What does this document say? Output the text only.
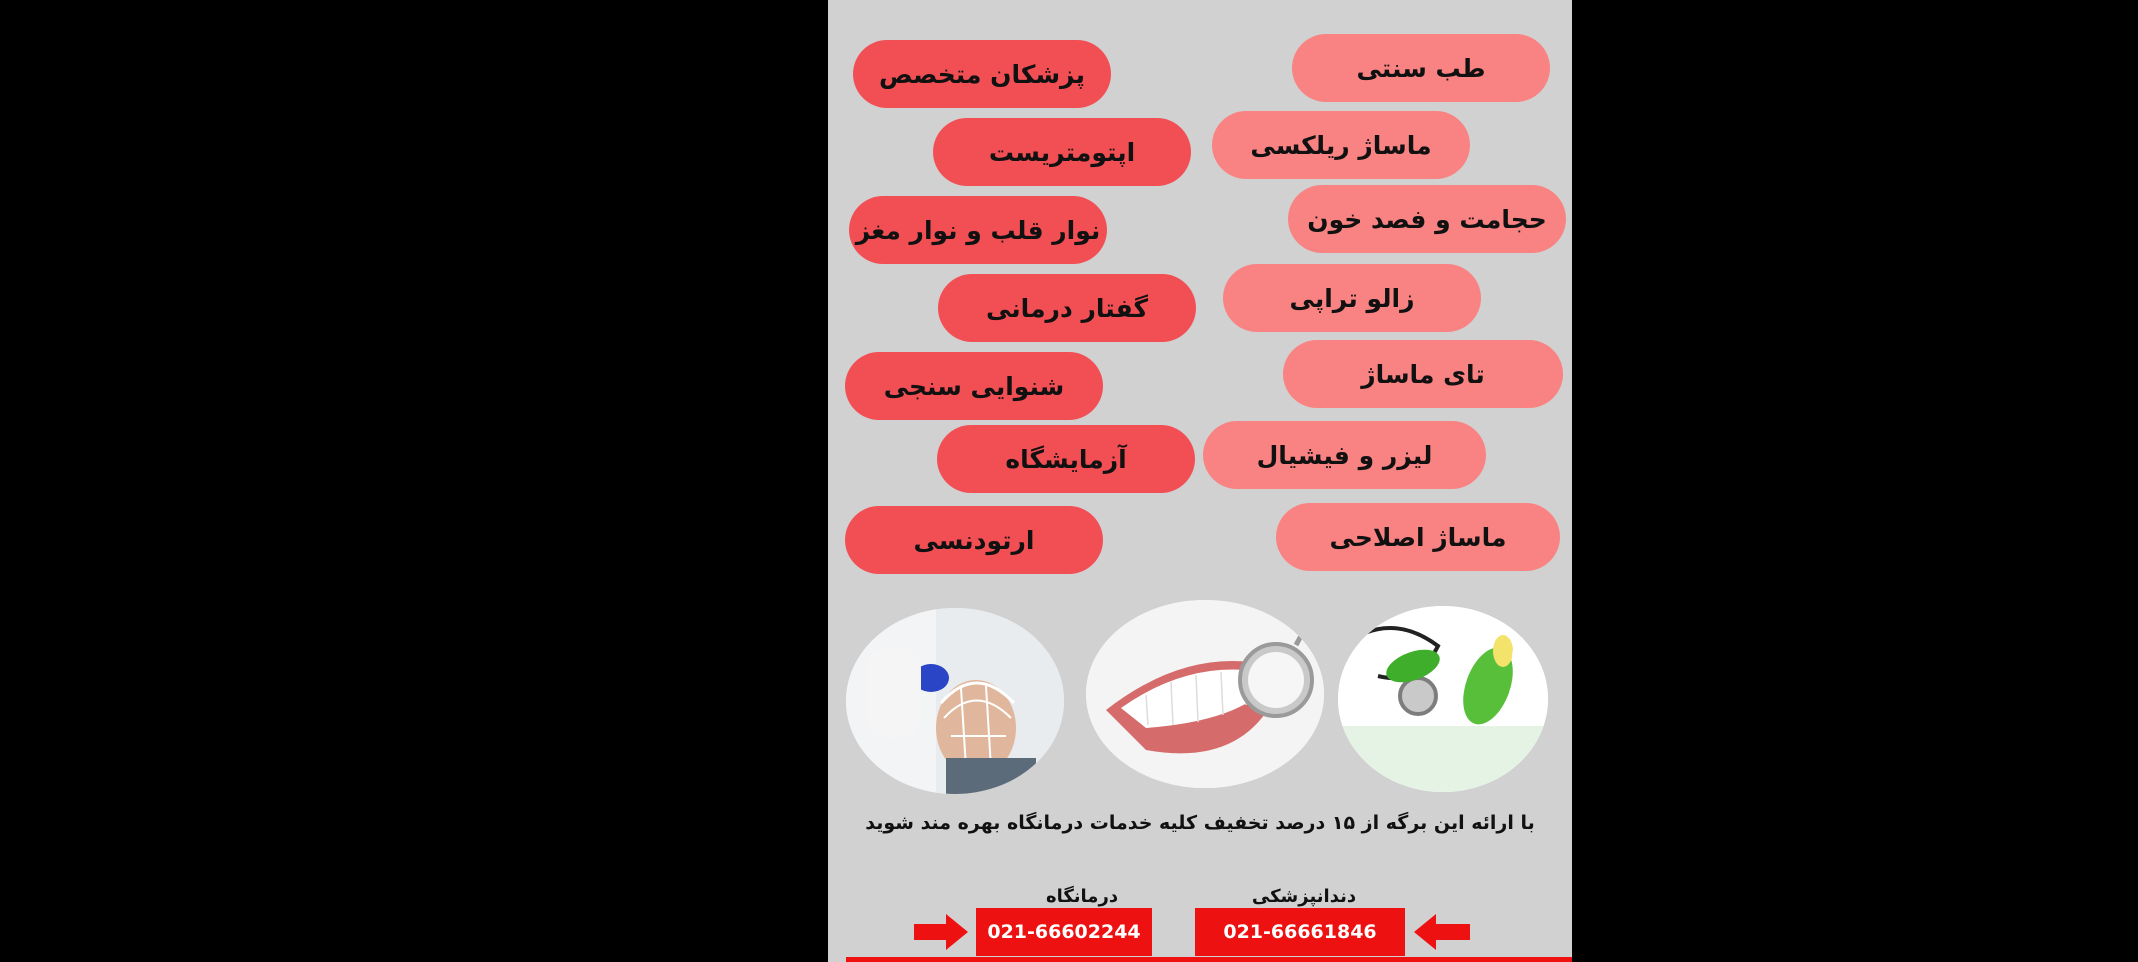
پزشکان متخصص
اپتومتریست
نوار قلب و نوار مغز
گفتار درمانی
شنوایی سنجی
آزمایشگاه
ارتودنسی
طب سنتی
ماساژ ریلکسی
حجامت و فصد خون
زالو تراپی
تای ماساژ
لیزر و فیشیال
ماساژ اصلاحی
با ارائه این برگه از ۱۵ درصد تخفیف کلیه خدمات درمانگاه بهره مند شوید
دندانپزشکی
درمانگاه
021-66602244	021-66661846
